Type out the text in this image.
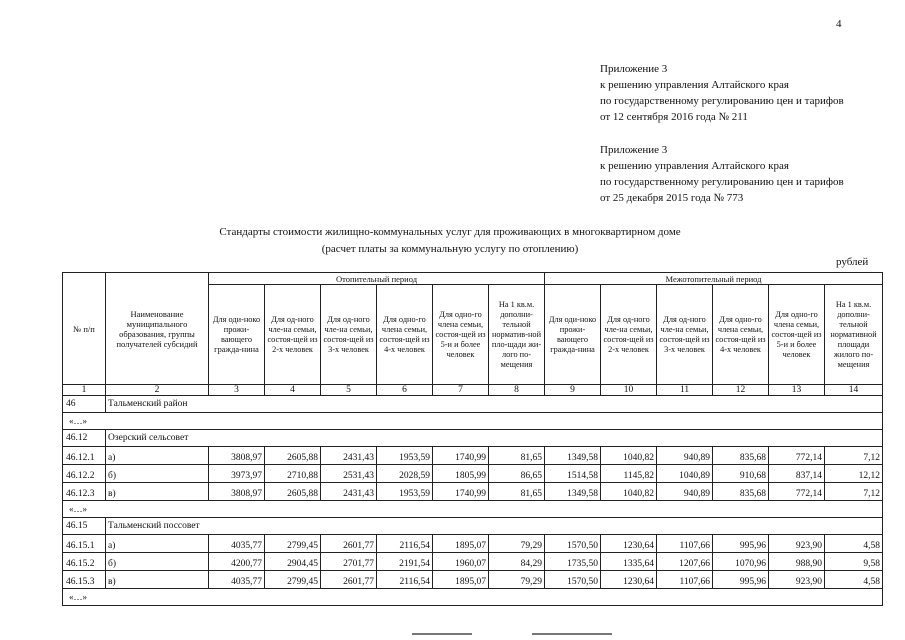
4
Приложение 3
к решению управления Алтайского края
по государственному регулированию цен и тарифов
от 12 сентября 2016 года № 211
Приложение 3
к решению управления Алтайского края
по государственному регулированию цен и тарифов
от 25 декабря 2015 года № 773
Стандарты стоимости жилищно-коммунальных услуг для проживающих в многоквартирном доме
(расчет платы за коммунальную услугу по отоплению)
рублей
№ п/п	Наименование муниципального образования, группы получателей субсидий	Отопительный период						Межотопительный период					
		Для оди-ноко прожи-вающего гражда-нина	Для од-ного чле-на семьи, состоя-щей из 2-х человек	Для од-ного чле-на семьи, состоя-щей из 3-х человек	Для одно-го члена семьи, состоя-щей из 4-х человек	Для одно-го члена семьи, состоя-щей из 5-и и более человек	На 1 кв.м. дополни-тельной норматив-ной пло-щади жи-лого по-мещения	Для оди-ноко прожи-вающего гражда-нина	Для од-ного чле-на семьи, состоя-щей из 2-х человек	Для од-ного чле-на семьи, состоя-щей из 3-х человек	Для одно-го члена семьи, состоя-щей из 4-х человек	Для одно-го члена семьи, состоя-щей из 5-и и более человек	На 1 кв.м. дополни-тельной нормативной площади жилого по-мещения
1	2	3	4	5	6	7	8	9	10	11	12	13	14
46	Тальменский район												
«…»													
46.12	Озерский сельсовет												
46.12.1	а)	3808,97	2605,88	2431,43	1953,59	1740,99	81,65	1349,58	1040,82	940,89	835,68	772,14	7,12
46.12.2	б)	3973,97	2710,88	2531,43	2028,59	1805,99	86,65	1514,58	1145,82	1040,89	910,68	837,14	12,12
46.12.3	в)	3808,97	2605,88	2431,43	1953,59	1740,99	81,65	1349,58	1040,82	940,89	835,68	772,14	7,12
«…»													
46.15	Тальменский поссовет												
46.15.1	а)	4035,77	2799,45	2601,77	2116,54	1895,07	79,29	1570,50	1230,64	1107,66	995,96	923,90	4,58
46.15.2	б)	4200,77	2904,45	2701,77	2191,54	1960,07	84,29	1735,50	1335,64	1207,66	1070,96	988,90	9,58
46.15.3	в)	4035,77	2799,45	2601,77	2116,54	1895,07	79,29	1570,50	1230,64	1107,66	995,96	923,90	4,58
«…»													
